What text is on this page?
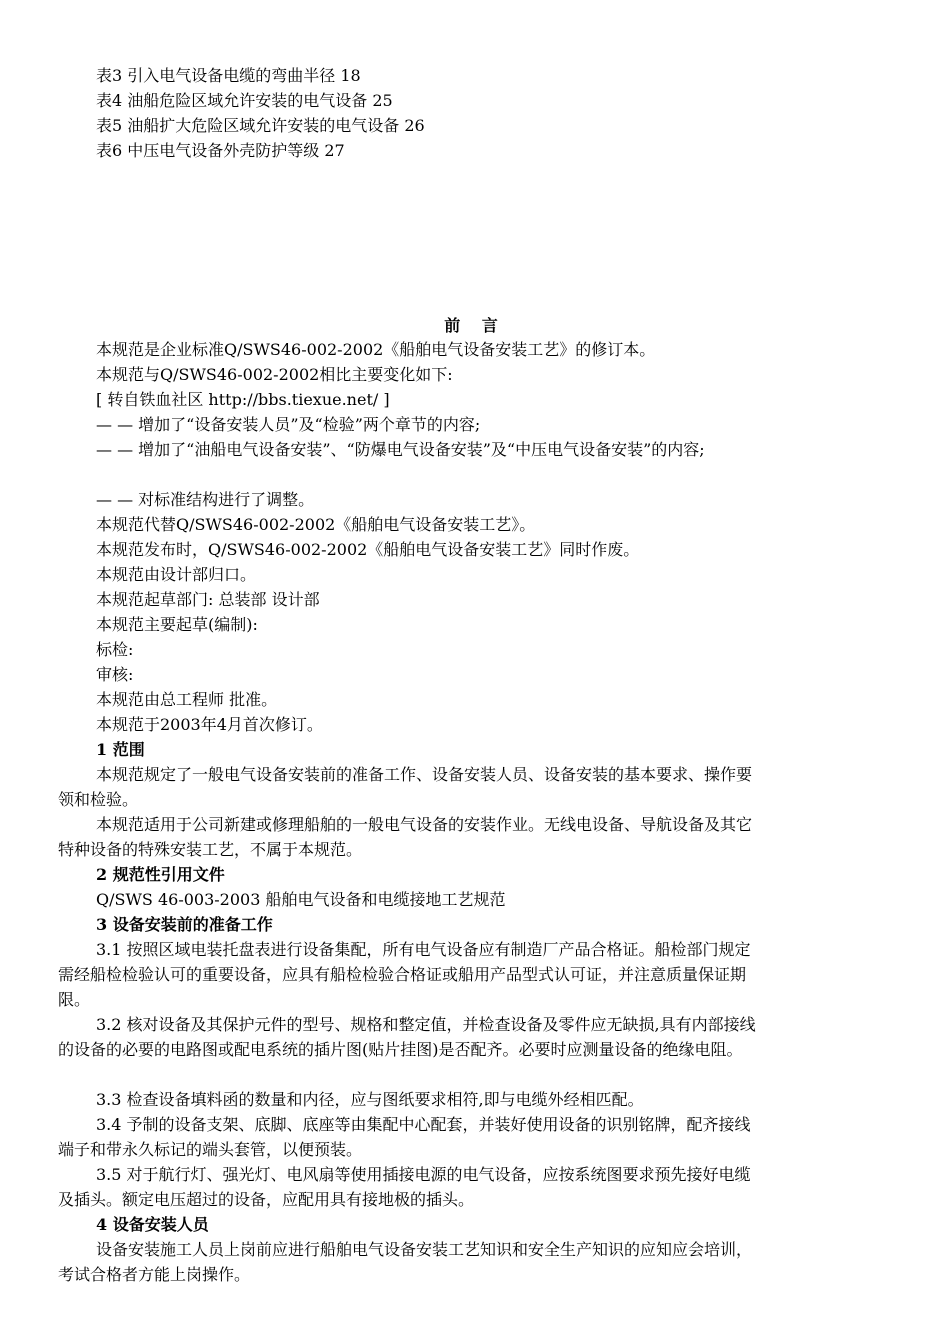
表3 引入电气设备电缆的弯曲半径 18
表4 油船危险区域允许安装的电气设备 25
表5 油船扩大危险区域允许安装的电气设备 26
表6 中压电气设备外壳防护等级 27
前 言
本规范是企业标准Q/SWS46-002-2002《船舶电气设备安装工艺》的修订本。
本规范与Q/SWS46-002-2002相比主要变化如下:
[ 转自铁血社区 http://bbs.tiexue.net/ ]
— — 增加了“设备安装人员”及“检验”两个章节的内容;
— — 增加了“油船电气设备安装”、“防爆电气设备安装”及“中压电气设备安装”的内容;
— — 对标准结构进行了调整。
本规范代替Q/SWS46-002-2002《船舶电气设备安装工艺》。
本规范发布时，Q/SWS46-002-2002《船舶电气设备安装工艺》同时作废。
本规范由设计部归口。
本规范起草部门: 总装部 设计部
本规范主要起草(编制):
标检:
审核:
本规范由总工程师 批准。
本规范于2003年4月首次修订。
1 范围
本规范规定了一般电气设备安装前的准备工作、设备安装人员、设备安装的基本要求、操作要
领和检验。
本规范适用于公司新建或修理船舶的一般电气设备的安装作业。无线电设备、导航设备及其它
特种设备的特殊安装工艺，不属于本规范。
2 规范性引用文件
Q/SWS 46-003-2003 船舶电气设备和电缆接地工艺规范
3 设备安装前的准备工作
3.1 按照区域电装托盘表进行设备集配，所有电气设备应有制造厂产品合格证。船检部门规定
需经船检检验认可的重要设备，应具有船检检验合格证或船用产品型式认可证，并注意质量保证期
限。
3.2 核对设备及其保护元件的型号、规格和整定值，并检查设备及零件应无缺损,具有内部接线
的设备的必要的电路图或配电系统的插片图(贴片挂图)是否配齐。必要时应测量设备的绝缘电阻。
3.3 检查设备填料函的数量和内径，应与图纸要求相符,即与电缆外经相匹配。
3.4 予制的设备支架、底脚、底座等由集配中心配套，并装好使用设备的识别铭牌，配齐接线
端子和带永久标记的端头套管，以便预装。
3.5 对于航行灯、强光灯、电风扇等使用插接电源的电气设备，应按系统图要求预先接好电缆
及插头。额定电压超过的设备，应配用具有接地极的插头。
4 设备安装人员
设备安装施工人员上岗前应进行船舶电气设备安装工艺知识和安全生产知识的应知应会培训，
考试合格者方能上岗操作。
